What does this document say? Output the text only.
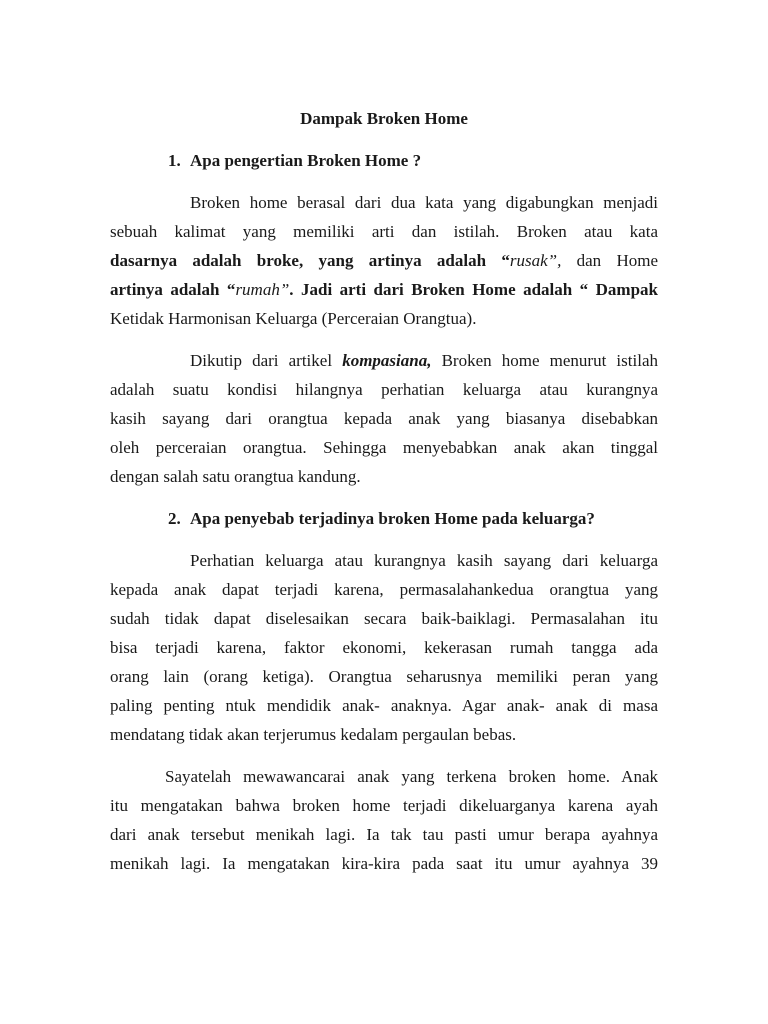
Dampak Broken Home
1. Apa pengertian Broken Home ?
Broken home berasal dari dua kata yang digabungkan menjadi
sebuah kalimat yang memiliki arti dan istilah. Broken atau kata
dasarnya adalah broke, yang artinya adalah “rusak”, dan Home
artinya adalah “rumah”. Jadi arti dari Broken Home adalah “ Dampak
Ketidak Harmonisan Keluarga (Perceraian Orangtua).
Dikutip dari artikel kompasiana, Broken home menurut istilah
adalah suatu kondisi hilangnya perhatian keluarga atau kurangnya
kasih sayang dari orangtua kepada anak yang biasanya disebabkan
oleh perceraian orangtua. Sehingga menyebabkan anak akan tinggal
dengan salah satu orangtua kandung.
2. Apa penyebab terjadinya broken Home pada keluarga?
Perhatian keluarga atau kurangnya kasih sayang dari keluarga
kepada anak dapat terjadi karena, permasalahankedua orangtua yang
sudah tidak dapat diselesaikan secara baik-baiklagi. Permasalahan itu
bisa terjadi karena, faktor ekonomi, kekerasan rumah tangga ada
orang lain (orang ketiga). Orangtua seharusnya memiliki peran yang
paling penting ntuk mendidik anak- anaknya. Agar anak- anak di masa
mendatang tidak akan terjerumus kedalam pergaulan bebas.
Sayatelah mewawancarai anak yang terkena broken home. Anak
itu mengatakan bahwa broken home terjadi dikeluarganya karena ayah
dari anak tersebut menikah lagi. Ia tak tau pasti umur berapa ayahnya
menikah lagi. Ia mengatakan kira-kira pada saat itu umur ayahnya 39
